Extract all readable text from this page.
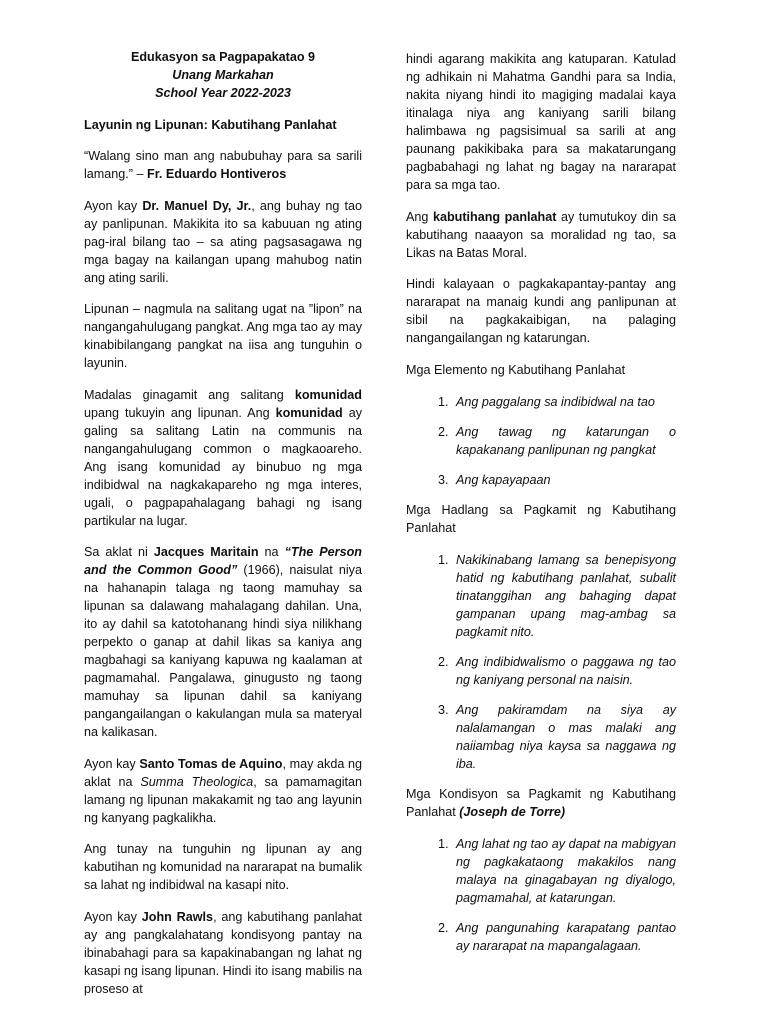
Edukasyon sa Pagpapakatao 9
Unang Markahan
School Year 2022-2023

Layunin ng Lipunan: Kabutihang Panlahat

“Walang sino man ang nabubuhay para sa sarili lamang.” – Fr. Eduardo Hontiveros

Ayon kay Dr. Manuel Dy, Jr., ang buhay ng tao ay panlipunan. Makikita ito sa kabuuan ng ating pag-iral bilang tao – sa ating pagsasagawa ng mga bagay na kailangan upang mahubog natin ang ating sarili.

Lipunan – nagmula na salitang ugat na ”lipon” na nangangahulugang pangkat. Ang mga tao ay may kinabibilangang pangkat na iisa ang tunguhin o layunin.

Madalas ginagamit ang salitang komunidad upang tukuyin ang lipunan. Ang komunidad ay galing sa salitang Latin na communis na nangangahulugang common o magkaoareho. Ang isang komunidad ay binubuo ng mga indibidwal na nagkakapareho ng mga interes, ugali, o pagpapahalagang bahagi ng isang partikular na lugar.

Sa aklat ni Jacques Maritain na “The Person and the Common Good” (1966), naisulat niya na hahanapin talaga ng taong mamuhay sa lipunan sa dalawang mahalagang dahilan. Una, ito ay dahil sa katotohanang hindi siya nilikhang perpekto o ganap at dahil likas sa kaniya ang magbahagi sa kaniyang kapuwa ng kaalaman at pagmamahal. Pangalawa, ginugusto ng taong mamuhay sa lipunan dahil sa kaniyang pangangailangan o kakulangan mula sa materyal na kalikasan.

Ayon kay Santo Tomas de Aquino, may akda ng aklat na Summa Theologica, sa pamamagitan lamang ng lipunan makakamit ng tao ang layunin ng kanyang pagkalikha.

Ang tunay na tunguhin ng lipunan ay ang kabutihan ng komunidad na nararapat na bumalik sa lahat ng indibidwal na kasapi nito.

Ayon kay John Rawls, ang kabutihang panlahat ay ang pangkalahatang kondisyong pantay na ibinabahagi para sa kapakinabangan ng lahat ng kasapi ng isang lipunan. Hindi ito isang mabilis na proseso at

hindi agarang makikita ang katuparan. Katulad ng adhikain ni Mahatma Gandhi para sa India, nakita niyang hindi ito magiging madalai kaya itinalaga niya ang kaniyang sarili bilang halimbawa ng pagsisimual sa sarili at ang paunang pakikibaka para sa makatarungang pagbabahagi ng lahat ng bagay na nararapat para sa mga tao.

Ang kabutihang panlahat ay tumutukoy din sa kabutihang naaayon sa moralidad ng tao, sa Likas na Batas Moral.

Hindi kalayaan o pagkakapantay-pantay ang nararapat na manaig kundi ang panlipunan at sibil na pagkakaibigan, na palaging nangangailangan ng katarungan.

Mga Elemento ng Kabutihang Panlahat

1. Ang paggalang sa indibidwal na tao
2. Ang tawag ng katarungan o kapakanang panlipunan ng pangkat
3. Ang kapayapaan

Mga Hadlang sa Pagkamit ng Kabutihang Panlahat

1. Nakikinabang lamang sa benepisyong hatid ng kabutihang panlahat, subalit tinatanggihan ang bahaging dapat gampanan upang mag-ambag sa pagkamit nito.
2. Ang indibidwalismo o paggawa ng tao ng kaniyang personal na naisin.
3. Ang pakiramdam na siya ay nalalamangan o mas malaki ang naiiambag niya kaysa sa naggawa ng iba.

Mga Kondisyon sa Pagkamit ng Kabutihang Panlahat (Joseph de Torre)

1. Ang lahat ng tao ay dapat na mabigyan ng pagkakataong makakilos nang malaya na ginagabayan ng diyalogo, pagmamahal, at katarungan.
2. Ang pangunahing karapatang pantao ay nararapat na mapangalagaan.
